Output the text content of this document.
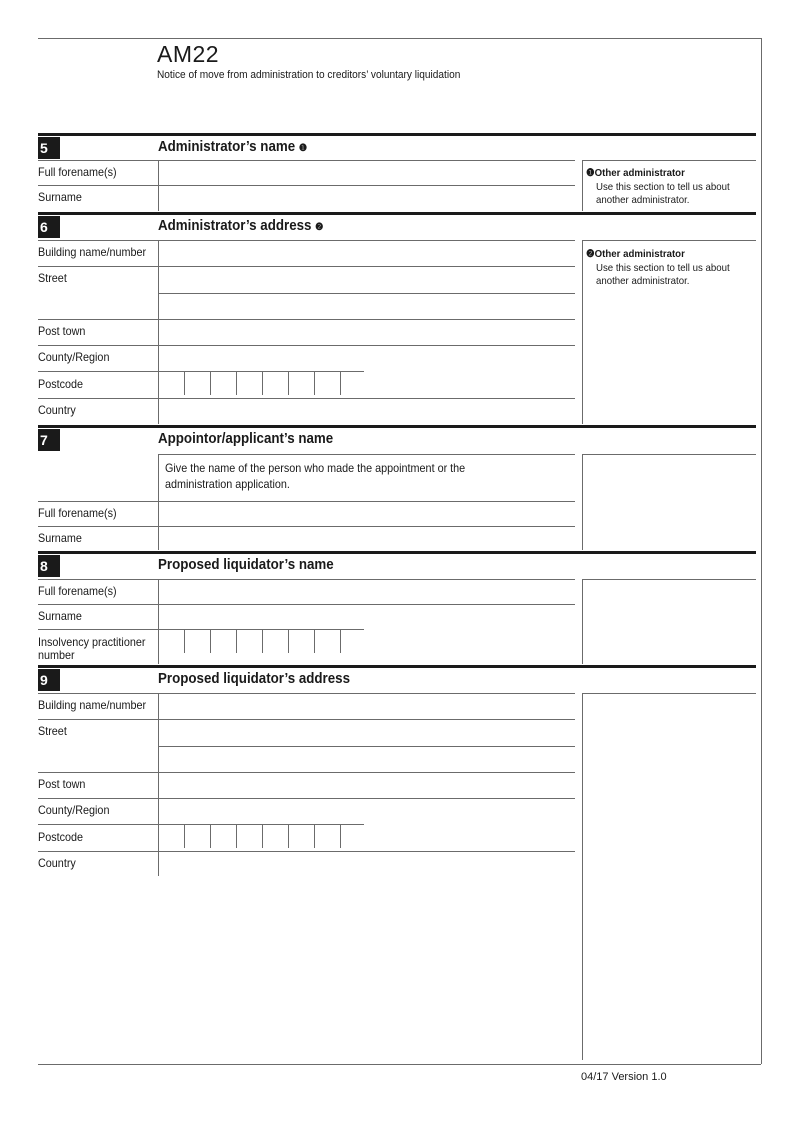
AM22
Notice of move from administration to creditors’ voluntary liquidation
5	Administrator’s name ❶
Full forename(s)
Surname
❶Other administrator
Use this section to tell us about another administrator.
6	Administrator’s address ❷
Building name/number
Street
Post town
County/Region
Postcode
Country
❷Other administrator
Use this section to tell us about another administrator.
7	Appointor/applicant’s name
Give the name of the person who made the appointment or the administration application.
Full forename(s)
Surname
8	Proposed liquidator’s name
Full forename(s)
Surname
Insolvency practitioner number
9	Proposed liquidator’s address
Building name/number
Street
Post town
County/Region
Postcode
Country
04/17 Version 1.0
